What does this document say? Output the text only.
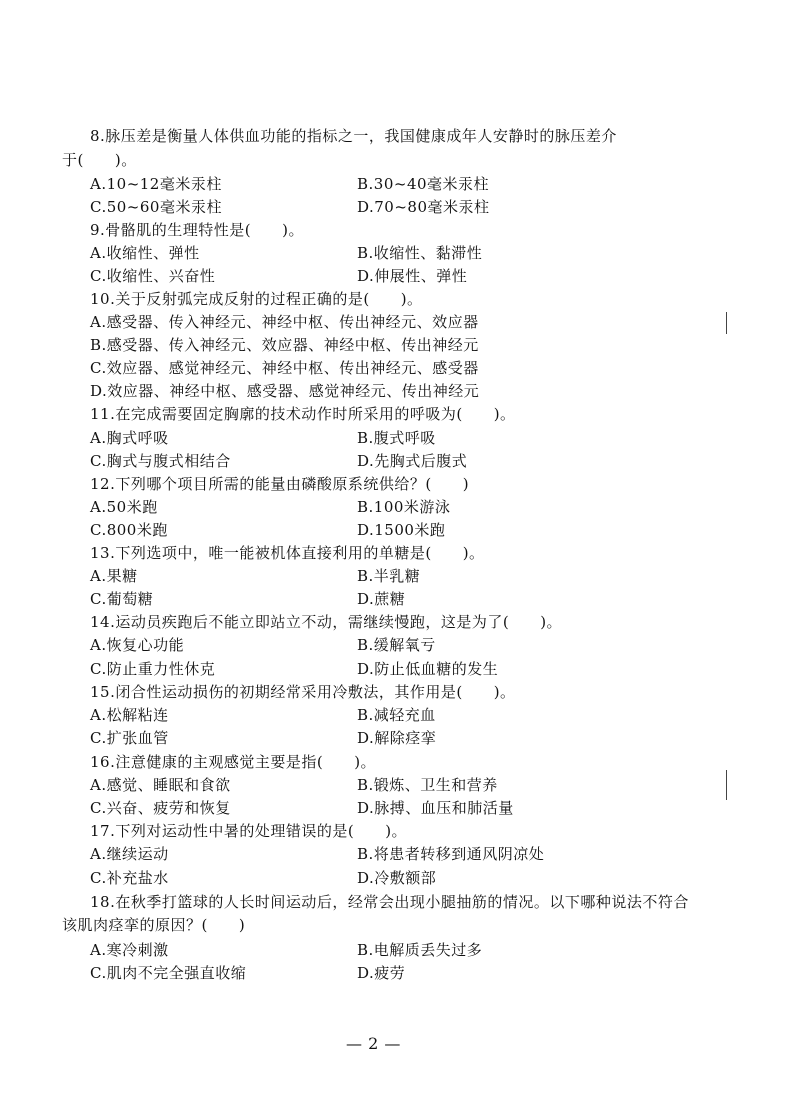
8.脉压差是衡量人体供血功能的指标之一，我国健康成年人安静时的脉压差介
于(　　)。
A.10~12毫米汞柱	B.30~40毫米汞柱
C.50~60毫米汞柱	D.70~80毫米汞柱
9.骨骼肌的生理特性是(　　)。
A.收缩性、弹性	B.收缩性、黏滞性
C.收缩性、兴奋性	D.伸展性、弹性
10.关于反射弧完成反射的过程正确的是(　　)。
A.感受器、传入神经元、神经中枢、传出神经元、效应器
B.感受器、传入神经元、效应器、神经中枢、传出神经元
C.效应器、感觉神经元、神经中枢、传出神经元、感受器
D.效应器、神经中枢、感受器、感觉神经元、传出神经元
11.在完成需要固定胸廓的技术动作时所采用的呼吸为(　　)。
A.胸式呼吸	B.腹式呼吸
C.胸式与腹式相结合	D.先胸式后腹式
12.下列哪个项目所需的能量由磷酸原系统供给？(　　)
A.50米跑	B.100米游泳
C.800米跑	D.1500米跑
13.下列选项中，唯一能被机体直接利用的单糖是(　　)。
A.果糖	B.半乳糖
C.葡萄糖	D.蔗糖
14.运动员疾跑后不能立即站立不动，需继续慢跑，这是为了(　　)。
A.恢复心功能	B.缓解氧亏
C.防止重力性休克	D.防止低血糖的发生
15.闭合性运动损伤的初期经常采用冷敷法，其作用是(　　)。
A.松解粘连	B.减轻充血
C.扩张血管	D.解除痉挛
16.注意健康的主观感觉主要是指(　　)。
A.感觉、睡眠和食欲	B.锻炼、卫生和营养
C.兴奋、疲劳和恢复	D.脉搏、血压和肺活量
17.下列对运动性中暑的处理错误的是(　　)。
A.继续运动	B.将患者转移到通风阴凉处
C.补充盐水	D.冷敷额部
18.在秋季打篮球的人长时间运动后，经常会出现小腿抽筋的情况。以下哪种说法不符合
该肌肉痉挛的原因？(　　)
A.寒冷刺激	B.电解质丢失过多
C.肌肉不完全强直收缩	D.疲劳
— 2 —
